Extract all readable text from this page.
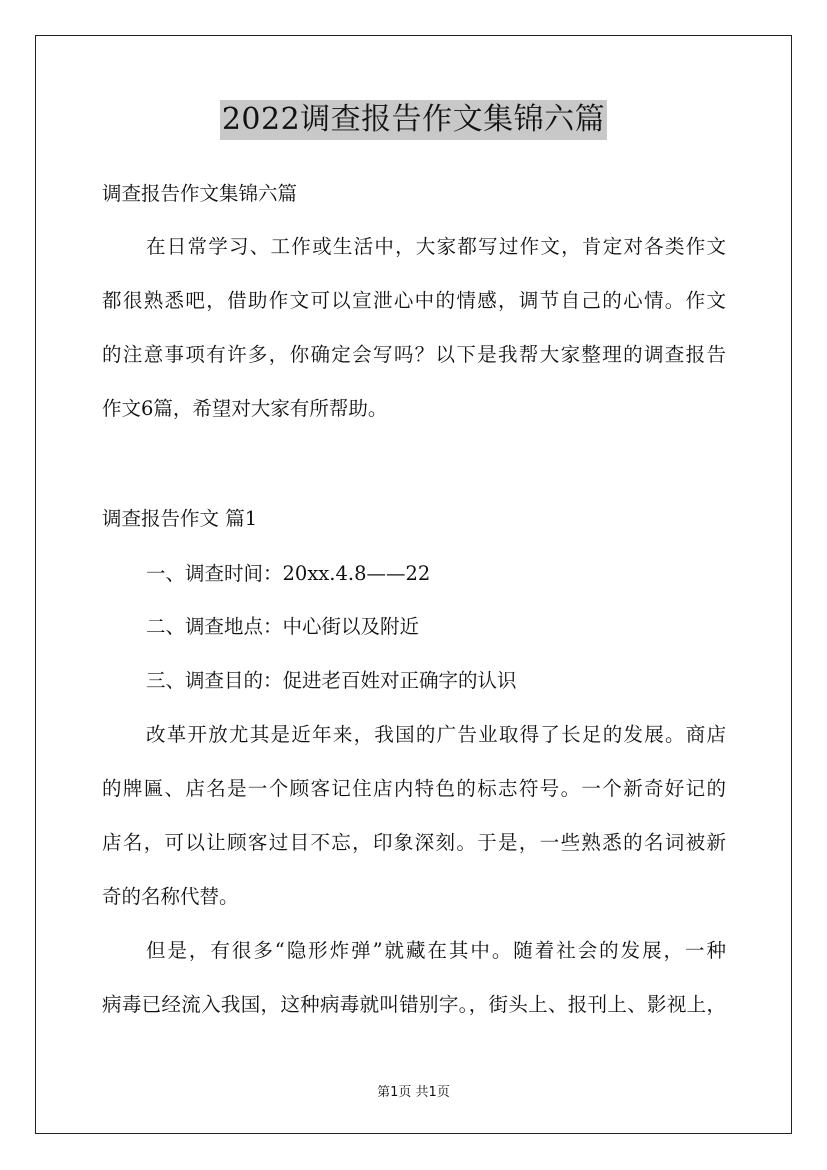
2022调查报告作文集锦六篇
调查报告作文集锦六篇
在日常学习、工作或生活中，大家都写过作文，肯定对各类作文
都很熟悉吧，借助作文可以宣泄心中的情感，调节自己的心情。作文
的注意事项有许多，你确定会写吗？以下是我帮大家整理的调查报告
作文6篇，希望对大家有所帮助。
调查报告作文 篇1
一、调查时间：20xx.4.8——22
二、调查地点：中心街以及附近
三、调查目的：促进老百姓对正确字的认识
改革开放尤其是近年来，我国的广告业取得了长足的发展。商店
的牌匾、店名是一个顾客记住店内特色的标志符号。一个新奇好记的
店名，可以让顾客过目不忘，印象深刻。于是，一些熟悉的名词被新
奇的名称代替。
但是，有很多“隐形炸弹”就藏在其中。随着社会的发展，一种
病毒已经流入我国，这种病毒就叫错别字。，街头上、报刊上、影视上，
第1页 共1页
